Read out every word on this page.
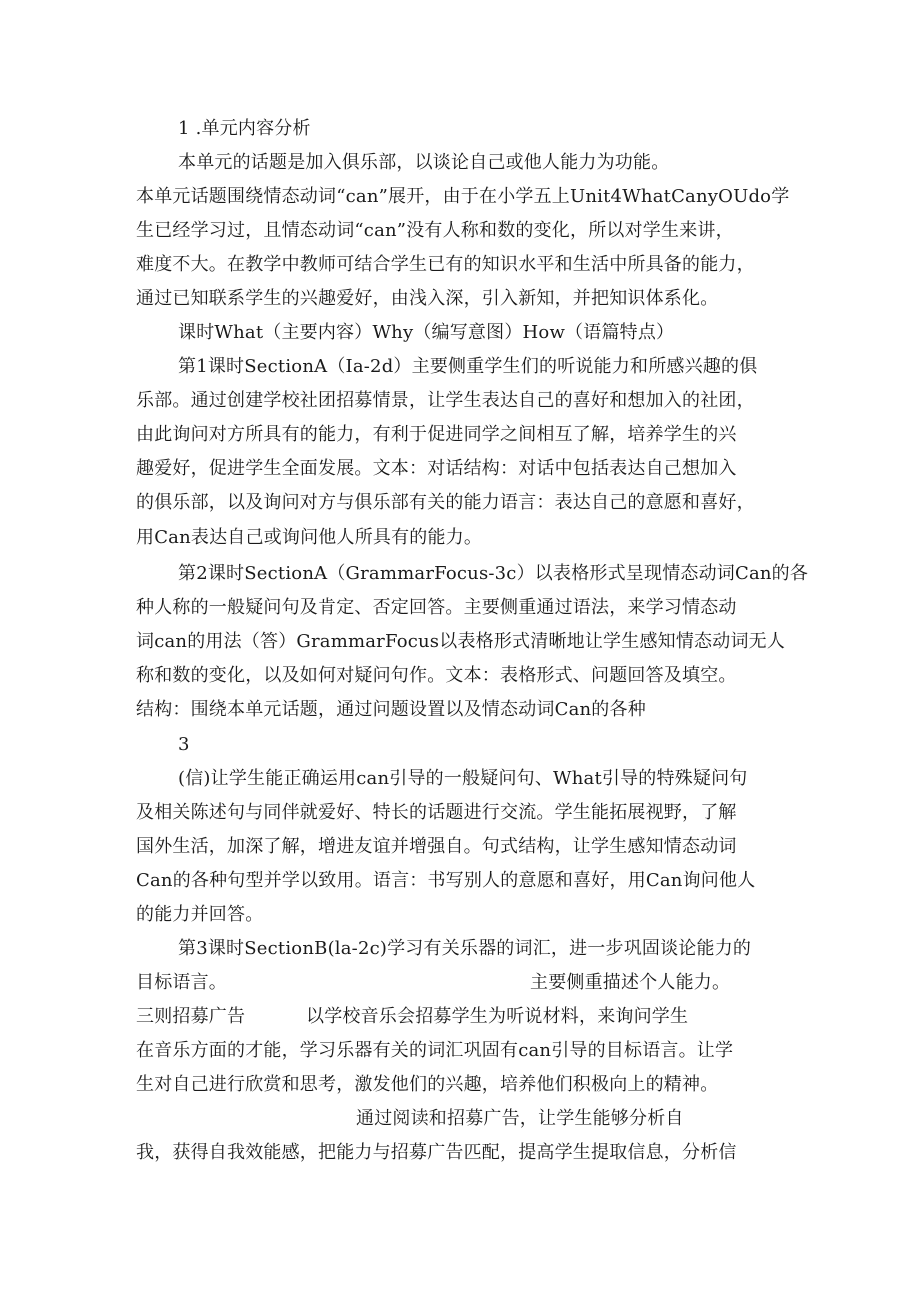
1 .单元内容分析
本单元的话题是加入俱乐部，以谈论自己或他人能力为功能。
本单元话题围绕情态动词“can”展开，由于在小学五上Unit4WhatCanyOUdo学
生已经学习过，且情态动词“can”没有人称和数的变化，所以对学生来讲，
难度不大。在教学中教师可结合学生已有的知识水平和生活中所具备的能力，
通过已知联系学生的兴趣爱好，由浅入深，引入新知，并把知识体系化。
课时What（主要内容）Why（编写意图）How（语篇特点）
第1课时SectionA（Ia-2d）主要侧重学生们的听说能力和所感兴趣的俱
乐部。通过创建学校社团招募情景，让学生表达自己的喜好和想加入的社团，
由此询问对方所具有的能力，有利于促进同学之间相互了解，培养学生的兴
趣爱好，促进学生全面发展。文本：对话结构：对话中包括表达自己想加入
的俱乐部，以及询问对方与俱乐部有关的能力语言：表达自己的意愿和喜好，
用Can表达自己或询问他人所具有的能力。
第2课时SectionA（GrammarFocus-3c）以表格形式呈现情态动词Can的各
种人称的一般疑问句及肯定、否定回答。主要侧重通过语法，来学习情态动
词can的用法（答）GrammarFocus以表格形式清晰地让学生感知情态动词无人
称和数的变化，以及如何对疑问句作。文本：表格形式、问题回答及填空。
结构：围绕本单元话题，通过问题设置以及情态动词Can的各种
3
(信)让学生能正确运用can引导的一般疑问句、What引导的特殊疑问句
及相关陈述句与同伴就爱好、特长的话题进行交流。学生能拓展视野，了解
国外生活，加深了解，增进友谊并增强自。句式结构，让学生感知情态动词
Can的各种句型并学以致用。语言：书写别人的意愿和喜好，用Can询问他人
的能力并回答。
第3课时SectionB(la-2c)学习有关乐器的词汇，进一步巩固谈论能力的
目标语言。	主要侧重描述个人能力。
三则招募广告	以学校音乐会招募学生为听说材料，来询问学生
在音乐方面的才能，学习乐器有关的词汇巩固有can引导的目标语言。让学
生对自己进行欣赏和思考，激发他们的兴趣，培养他们积极向上的精神。
通过阅读和招募广告，让学生能够分析自
我，获得自我效能感，把能力与招募广告匹配，提高学生提取信息，分析信
